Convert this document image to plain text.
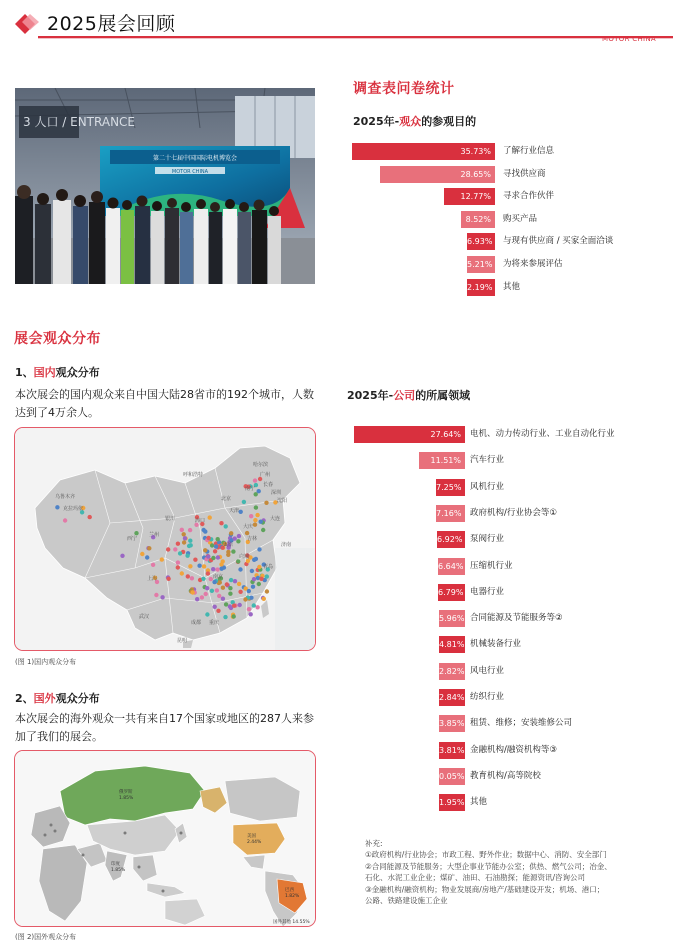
2025展会回顾
MOTOR CHINA
3 人口 / ENTRANCE
第二十七届中国国际电机博览会
MOTOR CHINA
调查表问卷统计
2025年-观众的参观目的
35.73%	了解行业信息
28.65%	寻找供应商
12.77%	寻求合作伙伴
8.52%	购买产品
6.93%	与现有供应商 / 买家全面洽谈
5.21%	为将来参展评估
2.19%	其他
2025年-公司的所属领域
27.64%	电机、动力传动行业、工业自动化行业
11.51%	汽车行业
7.25%	风机行业
7.16%	政府机构/行业协会等①
6.92% 泵阀行业
6.64% 压缩机行业
6.79% 电器行业
5.96% 合同能源及节能服务等②
4.81% 机械装备行业
2.82% 风电行业
2.84% 纺织行业
3.85% 租赁、维修；安装维修公司
3.81% 金融机构/融资机构等③
0.05% 教育机构/高等院校
1.95% 其他
补充:
①政府机构/行业协会；市政工程、野外作业；数据中心、消防、安全部门
②合同能源及节能服务；大型企事业节能办公室；供热、燃气公司；冶金、
石化、水泥工业企业；煤矿、油田、石油勘探；能源资讯/咨询公司
③金融机构/融资机构；物业发展商/房地产/基础建设开发；机场、港口；
公路、铁路建设施工企业
展会观众分布
1、国内观众分布
本次展会的国内观众来自中国大陆28省市的192个城市，人数达到了4万余人。
哈尔滨
长春
沈阳
大连
北京
天津
呼和浩特
乌鲁木齐
克拉玛依
西宁
兰州
银川
太原	济南
青岛
南京
上海
武汉
成都 重庆
昆明
南宁
广州
深圳
海口
大庆
白城
吉林
(图 1)国内观众分布
2、国外观众分布
本次展会的海外观众一共有来自17个国家或地区的287人来参加了我们的展会。
俄罗斯
1.85%
美国
2.44%
巴西
1.82%
印度
1.85%
国外其他 14.55%
(图 2)国外观众分布
